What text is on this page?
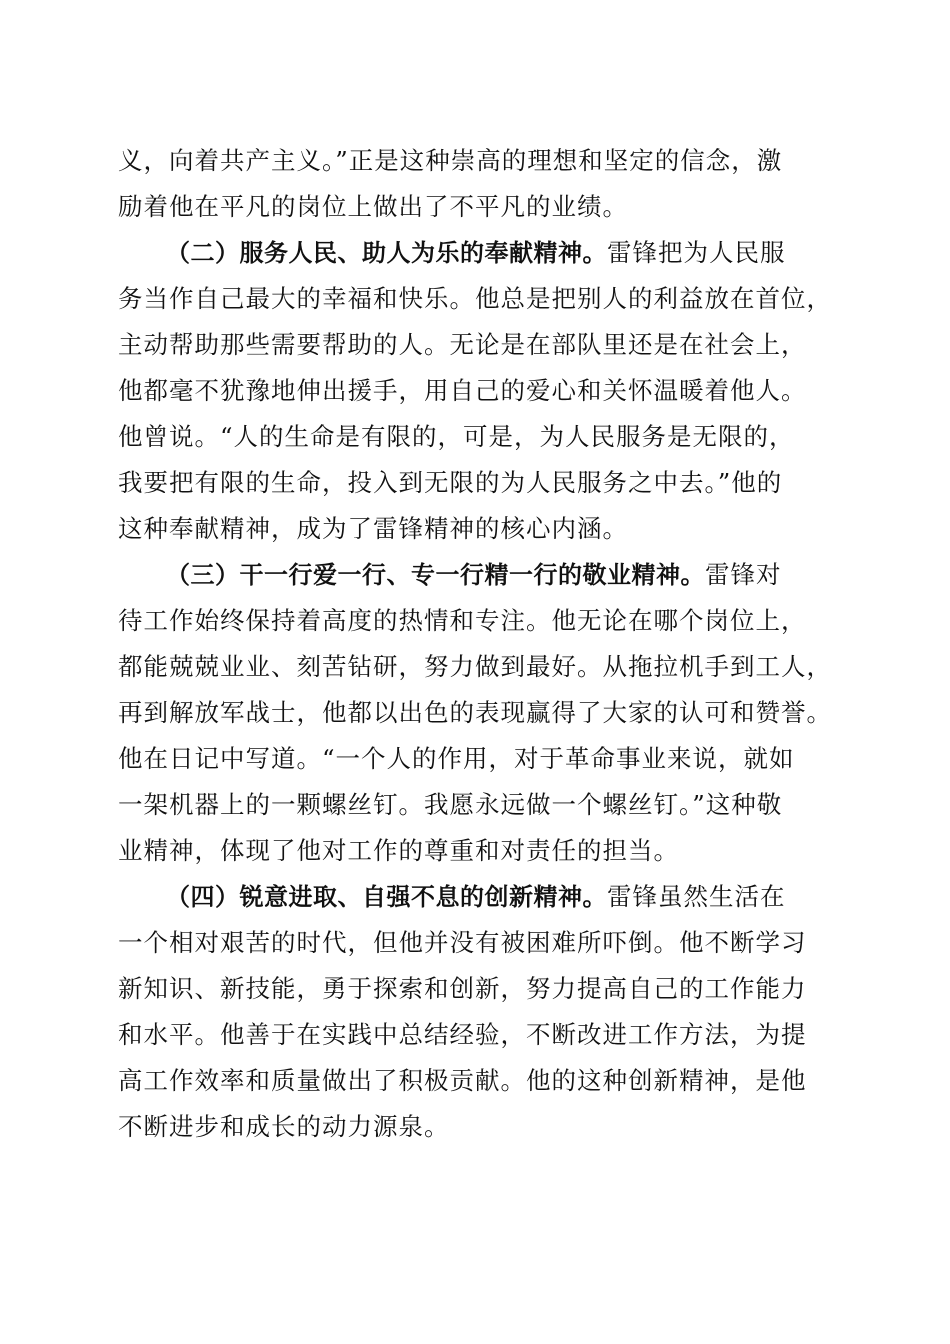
义，向着共产主义。”正是这种崇高的理想和坚定的信念，激
励着他在平凡的岗位上做出了不平凡的业绩。
（二）服务人民、助人为乐的奉献精神。雷锋把为人民服
务当作自己最大的幸福和快乐。他总是把别人的利益放在首位，
主动帮助那些需要帮助的人。无论是在部队里还是在社会上，
他都毫不犹豫地伸出援手，用自己的爱心和关怀温暖着他人。
他曾说。“人的生命是有限的，可是，为人民服务是无限的，
我要把有限的生命，投入到无限的为人民服务之中去。”他的
这种奉献精神，成为了雷锋精神的核心内涵。
（三）干一行爱一行、专一行精一行的敬业精神。雷锋对
待工作始终保持着高度的热情和专注。他无论在哪个岗位上，
都能兢兢业业、刻苦钻研，努力做到最好。从拖拉机手到工人，
再到解放军战士，他都以出色的表现赢得了大家的认可和赞誉。
他在日记中写道。“一个人的作用，对于革命事业来说，就如
一架机器上的一颗螺丝钉。我愿永远做一个螺丝钉。”这种敬
业精神，体现了他对工作的尊重和对责任的担当。
（四）锐意进取、自强不息的创新精神。雷锋虽然生活在
一个相对艰苦的时代，但他并没有被困难所吓倒。他不断学习
新知识、新技能，勇于探索和创新，努力提高自己的工作能力
和水平。他善于在实践中总结经验，不断改进工作方法，为提
高工作效率和质量做出了积极贡献。他的这种创新精神，是他
不断进步和成长的动力源泉。
